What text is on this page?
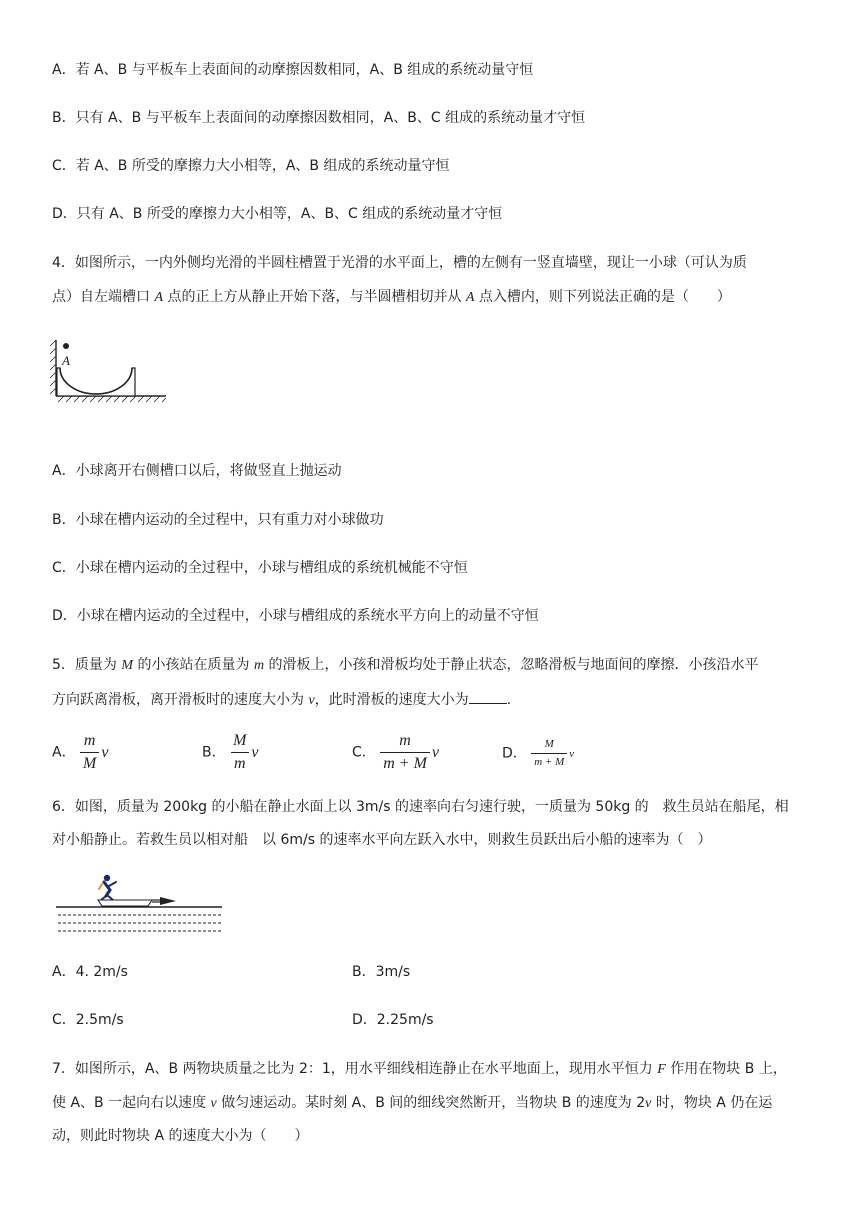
A．若 A、B 与平板车上表面间的动摩擦因数相同，A、B 组成的系统动量守恒
B．只有 A、B 与平板车上表面间的动摩擦因数相同，A、B、C 组成的系统动量才守恒
C．若 A、B 所受的摩擦力大小相等，A、B 组成的系统动量守恒
D．只有 A、B 所受的摩擦力大小相等，A、B、C 组成的系统动量才守恒
4．如图所示，一内外侧均光滑的半圆柱槽置于光滑的水平面上，槽的左侧有一竖直墙壁，现让一小球（可认为质
点）自左端槽口 A 点的正上方从静止开始下落，与半圆槽相切并从 A 点入槽内，则下列说法正确的是（　　）
A
A．小球离开右侧槽口以后，将做竖直上抛运动
B．小球在槽内运动的全过程中，只有重力对小球做功
C．小球在槽内运动的全过程中，小球与槽组成的系统机械能不守恒
D．小球在槽内运动的全过程中，小球与槽组成的系统水平方向上的动量不守恒
5．质量为 M 的小孩站在质量为 m 的滑板上，小孩和滑板均处于静止状态，忽略滑板与地面间的摩擦．小孩沿水平
方向跃离滑板，离开滑板时的速度大小为 v，此时滑板的速度大小为	.
A． $\frac{m}{M}$ v	B． $\frac{M}{m}$ v	C． $\frac{m}{m + M}$ v	D． $\frac{M}{m + M}$ v
6．如图，质量为 200kg 的小船在静止水面上以 3m/s 的速率向右匀速行驶，一质量为 50kg 的　救生员站在船尾，相
对小船静止。若救生员以相对船　以 6m/s 的速率水平向左跃入水中，则救生员跃出后小船的速率为（　）
A．4. 2m/s	B．3m/s
C．2.5m/s	D．2.25m/s
7．如图所示，A、B 两物块质量之比为 2：1，用水平细线相连静止在水平地面上，现用水平恒力 F 作用在物块 B 上，
使 A、B 一起向右以速度 v 做匀速运动。某时刻 A、B 间的细线突然断开，当物块 B 的速度为 2v 时，物块 A 仍在运
动，则此时物块 A 的速度大小为（　　）
